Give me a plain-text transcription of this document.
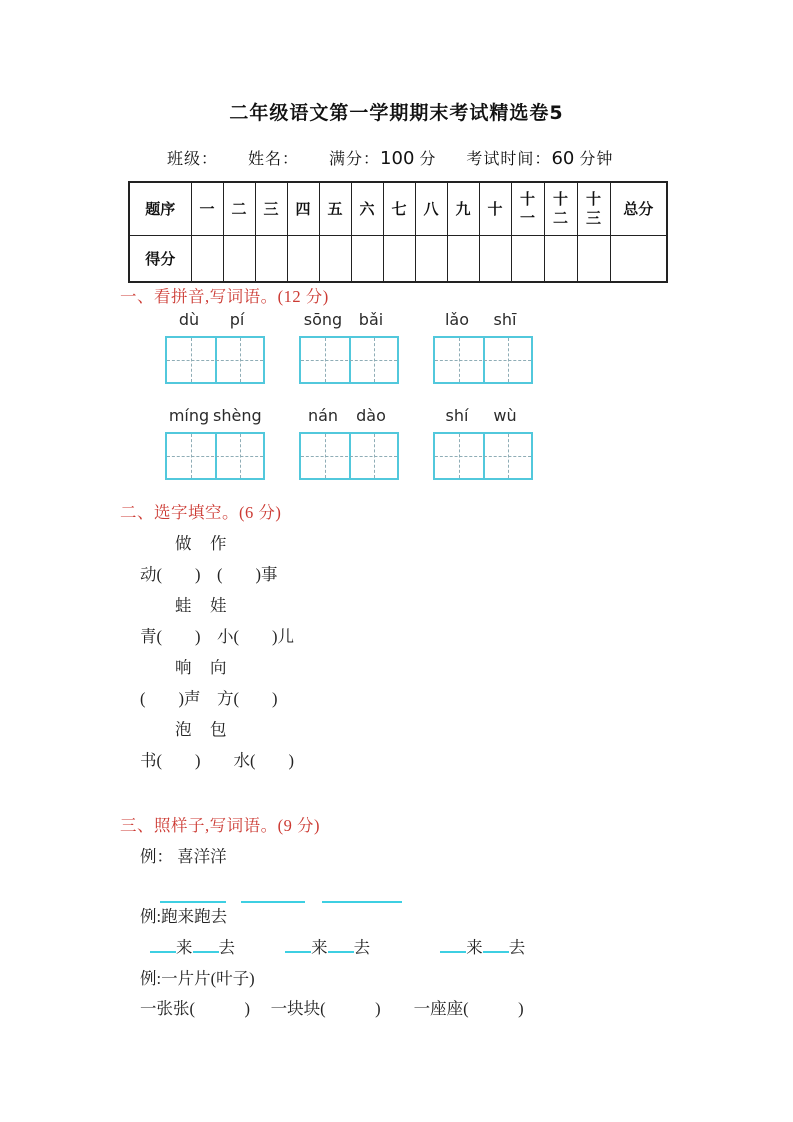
二年级语文第一学期期末考试精选卷5
班级： 姓名： 满分：100 分 考试时间：60 分钟
题序	一	二	三	四	五	六	七	八	九	十	十一	十二	十三	总分
得分														
一、看拼音,写词语。(12 分)
dù	pí	sōng	bǎi	lǎo	shī
míng shèng	nán	dào	shí	wù
二、选字填空。(6 分)
做　作
动(　　)　(　　)事
蛙　娃
青(　　)　小(　　)儿
响　向
(　　)声　方(　　)
泡　包
书(　　)　　水(　　)
三、照样子,写词语。(9 分)
例： 喜洋洋
例:跑来跑去
来 去	来 去	来 去
例:一片片(叶子)
一张张(　　　)　 一块块(　　　)　　一座座(　　　)
